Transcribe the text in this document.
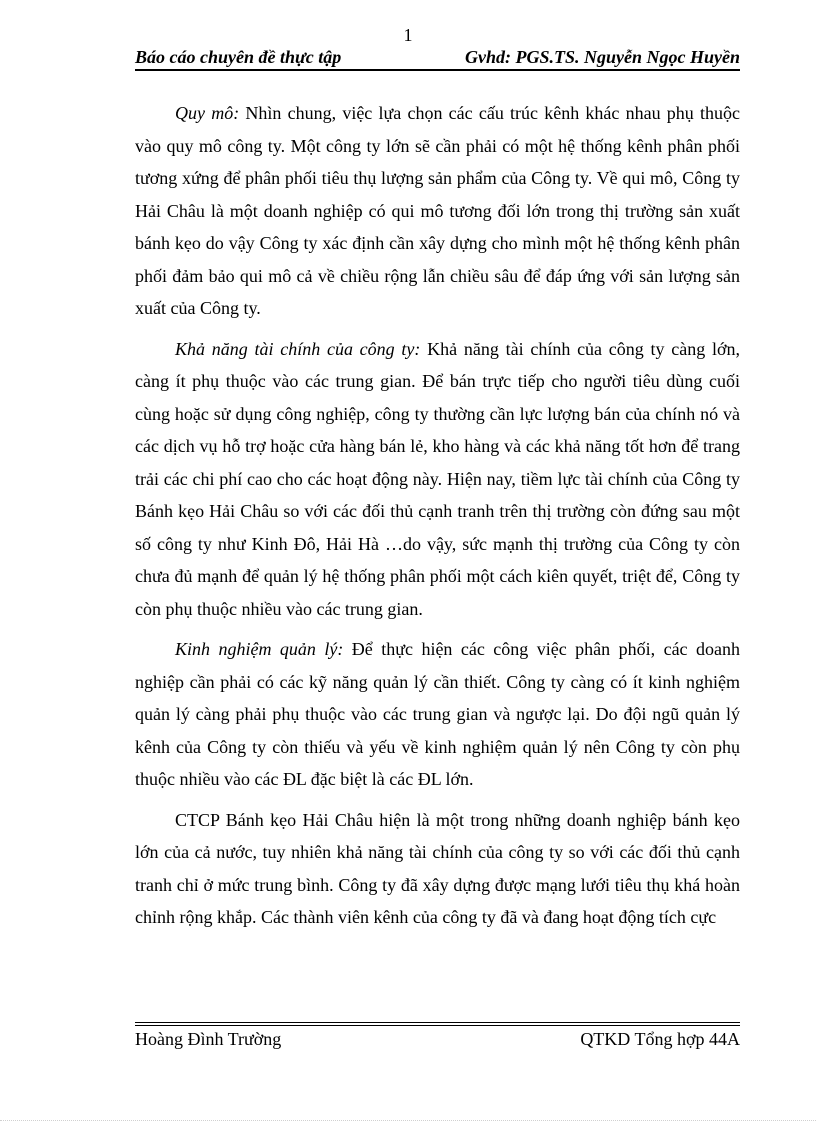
1
Báo cáo chuyên đề thực tập	Gvhd: PGS.TS. Nguyễn Ngọc Huyền

Quy mô: Nhìn chung, việc lựa chọn các cấu trúc kênh khác nhau phụ thuộc vào quy mô công ty. Một công ty lớn sẽ cần phải có một hệ thống kênh phân phối tương xứng để phân phối tiêu thụ lượng sản phẩm của Công ty. Về qui mô, Công ty Hải Châu là một doanh nghiệp có qui mô tương đối lớn trong thị trường sản xuất bánh kẹo do vậy Công ty xác định cần xây dựng cho mình một hệ thống kênh phân phối đảm bảo qui mô cả về chiều rộng lẫn chiều sâu để đáp ứng với sản lượng sản xuất của Công ty.

Khả năng tài chính của công ty: Khả năng tài chính của công ty càng lớn, càng ít phụ thuộc vào các trung gian. Để bán trực tiếp cho người tiêu dùng cuối cùng hoặc sử dụng công nghiệp, công ty thường cần lực lượng bán của chính nó và các dịch vụ hỗ trợ hoặc cửa hàng bán lẻ, kho hàng và các khả năng tốt hơn để trang trải các chi phí cao cho các hoạt động này. Hiện nay, tiềm lực tài chính của Công ty Bánh kẹo Hải Châu so với các đối thủ cạnh tranh trên thị trường còn đứng sau một số công ty như Kinh Đô, Hải Hà …do vậy, sức mạnh thị trường của Công ty còn chưa đủ mạnh để quản lý hệ thống phân phối một cách kiên quyết, triệt để, Công ty còn phụ thuộc nhiều vào các trung gian.

Kinh nghiệm quản lý: Để thực hiện các công việc phân phối, các doanh nghiệp cần phải có các kỹ năng quản lý cần thiết. Công ty càng có ít kinh nghiệm quản lý càng phải phụ thuộc vào các trung gian và ngược lại. Do đội ngũ quản lý kênh của Công ty còn thiếu và yếu về kinh nghiệm quản lý nên Công ty còn phụ thuộc nhiều vào các ĐL đặc biệt là các ĐL lớn.

CTCP Bánh kẹo Hải Châu hiện là một trong những doanh nghiệp bánh kẹo lớn của cả nước, tuy nhiên khả năng tài chính của công ty so với các đối thủ cạnh tranh chỉ ở mức trung bình. Công ty đã xây dựng được mạng lưới tiêu thụ khá hoàn chỉnh rộng khắp. Các thành viên kênh của công ty đã và đang hoạt động tích cực

Hoàng Đình Trường	QTKD Tổng hợp 44A
